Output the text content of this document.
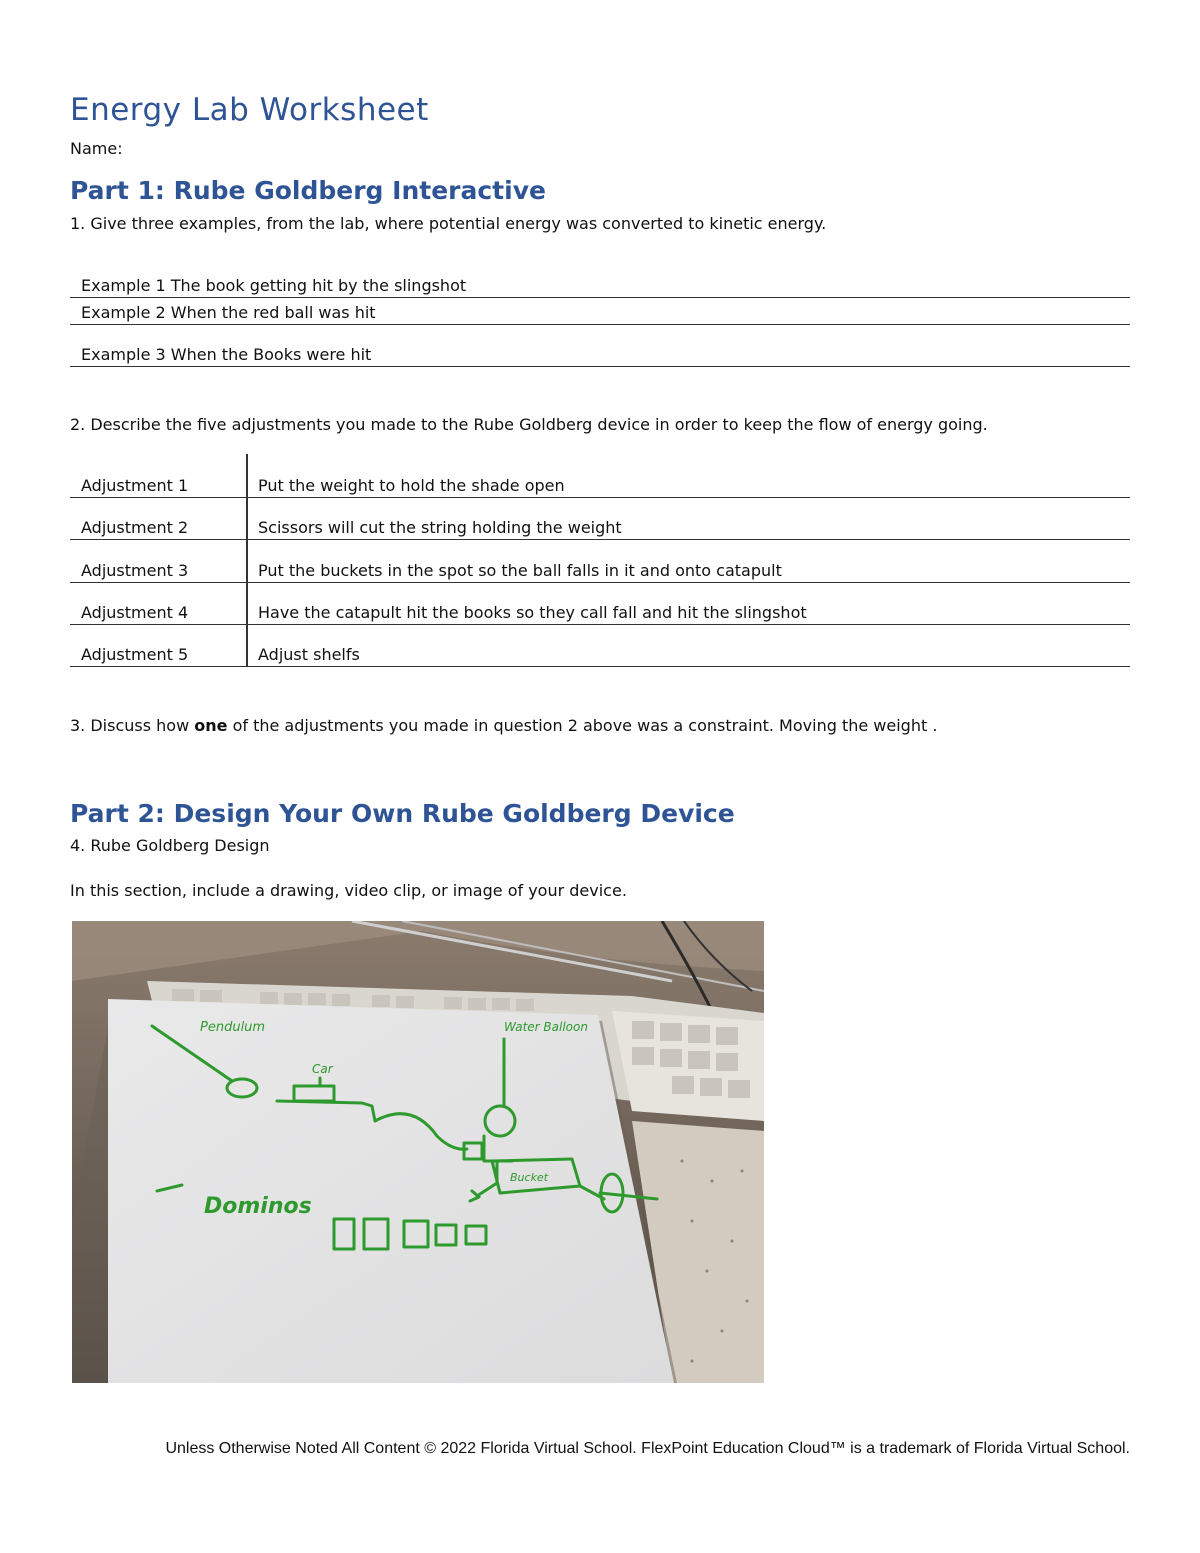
Energy Lab Worksheet
Name:
Part 1: Rube Goldberg Interactive
1. Give three examples, from the lab, where potential energy was converted to kinetic energy.
Example 1 The book getting hit by the slingshot
Example 2 When the red ball was hit
Example 3 When the Books were hit
2. Describe the five adjustments you made to the Rube Goldberg device in order to keep the flow of energy going.
Adjustment 1	Put the weight to hold the shade open
Adjustment 2	Scissors will cut the string holding the weight
Adjustment 3	Put the buckets in the spot so the ball falls in it and onto catapult
Adjustment 4	Have the catapult hit the books so they call fall and hit the slingshot
Adjustment 5	Adjust shelfs
3. Discuss how one of the adjustments you made in question 2 above was a constraint. Moving the weight .
Part 2: Design Your Own Rube Goldberg Device
4. Rube Goldberg Design
In this section, include a drawing, video clip, or image of your device.
Pendulum
Car
Water Balloon
Bucket
Dominos
Unless Otherwise Noted All Content © 2022 Florida Virtual School. FlexPoint Education Cloud™ is a trademark of Florida Virtual School.
